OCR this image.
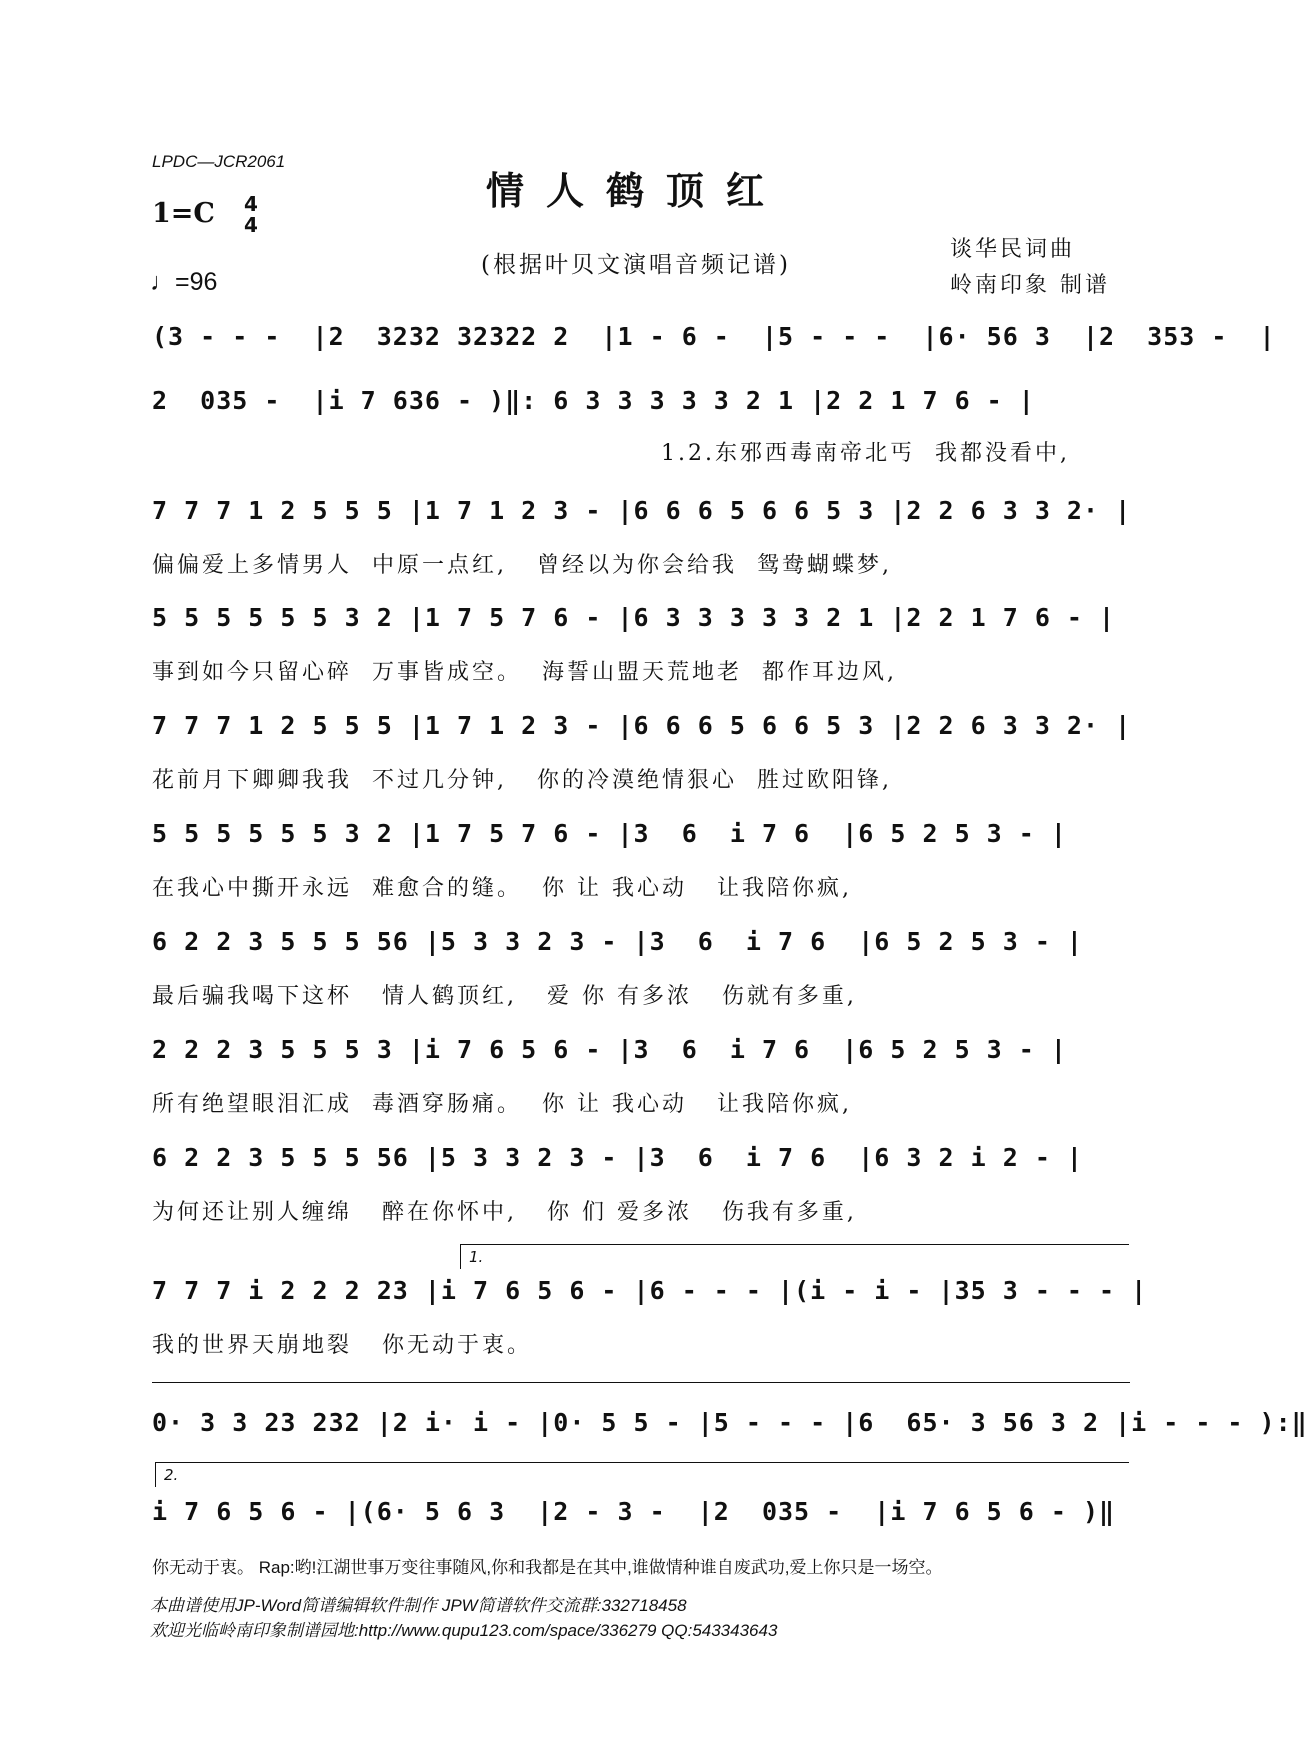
LPDC—JCR2061
情人鹤顶红
(根据叶贝文演唱音频记谱)
1=C 4
4
♩=96
谈华民词曲
岭南印象 制谱
(3 - - -  |2  3232 32322 2  |1 - 6 -  |5 - - -  |6· 56 3  |2  353 -  |
2  035 -  |i 7 636 - )‖: 6 3 3 3 3 3 2 1 |2 2 1 7 6 - |
1.2.东邪西毒南帝北丐  我都没看中,
7 7 7 1 2 5 5 5 |1 7 1 2 3 - |6 6 6 5 6 6 5 3 |2 2 6 3 3 2· |
偏偏爱上多情男人  中原一点红,   曾经以为你会给我  鸳鸯蝴蝶梦,
5 5 5 5 5 5 3 2 |1 7 5 7 6 - |6 3 3 3 3 3 2 1 |2 2 1 7 6 - |
事到如今只留心碎  万事皆成空。  海誓山盟天荒地老  都作耳边风,
7 7 7 1 2 5 5 5 |1 7 1 2 3 - |6 6 6 5 6 6 5 3 |2 2 6 3 3 2· |
花前月下卿卿我我  不过几分钟,   你的冷漠绝情狠心  胜过欧阳锋,
5 5 5 5 5 5 3 2 |1 7 5 7 6 - |3  6  i 7 6  |6 5 2 5 3 - |
在我心中撕开永远  难愈合的缝。  你 让 我心动   让我陪你疯,
6 2 2 3 5 5 5 56 |5 3 3 2 3 - |3  6  i 7 6  |6 5 2 5 3 - |
最后骗我喝下这杯   情人鹤顶红,   爱 你 有多浓   伤就有多重,
2 2 2 3 5 5 5 3 |i 7 6 5 6 - |3  6  i 7 6  |6 5 2 5 3 - |
所有绝望眼泪汇成  毒酒穿肠痛。  你 让 我心动   让我陪你疯,
6 2 2 3 5 5 5 56 |5 3 3 2 3 - |3  6  i 7 6  |6 3 2 i 2 - |
为何还让别人缠绵   醉在你怀中,   你 们 爱多浓   伤我有多重,
1.
7 7 7 i 2 2 2 23 |i 7 6 5 6 - |6 - - - |(i - i - |35 3 - - - |
我的世界天崩地裂   你无动于衷。
0· 3 3 23 232 |2 i· i - |0· 5 5 - |5 - - - |6  65· 3 56 3 2 |i - - - ):‖
2.
i 7 6 5 6 - |(6· 5 6 3  |2 - 3 -  |2  035 -  |i 7 6 5 6 - )‖
你无动于衷。 Rap:哟!江湖世事万变往事随风,你和我都是在其中,谁做情种谁自废武功,爱上你只是一场空。
本曲谱使用JP-Word简谱编辑软件制作 JPW简谱软件交流群:332718458
欢迎光临岭南印象制谱园地:http://www.qupu123.com/space/336279 QQ:543343643
